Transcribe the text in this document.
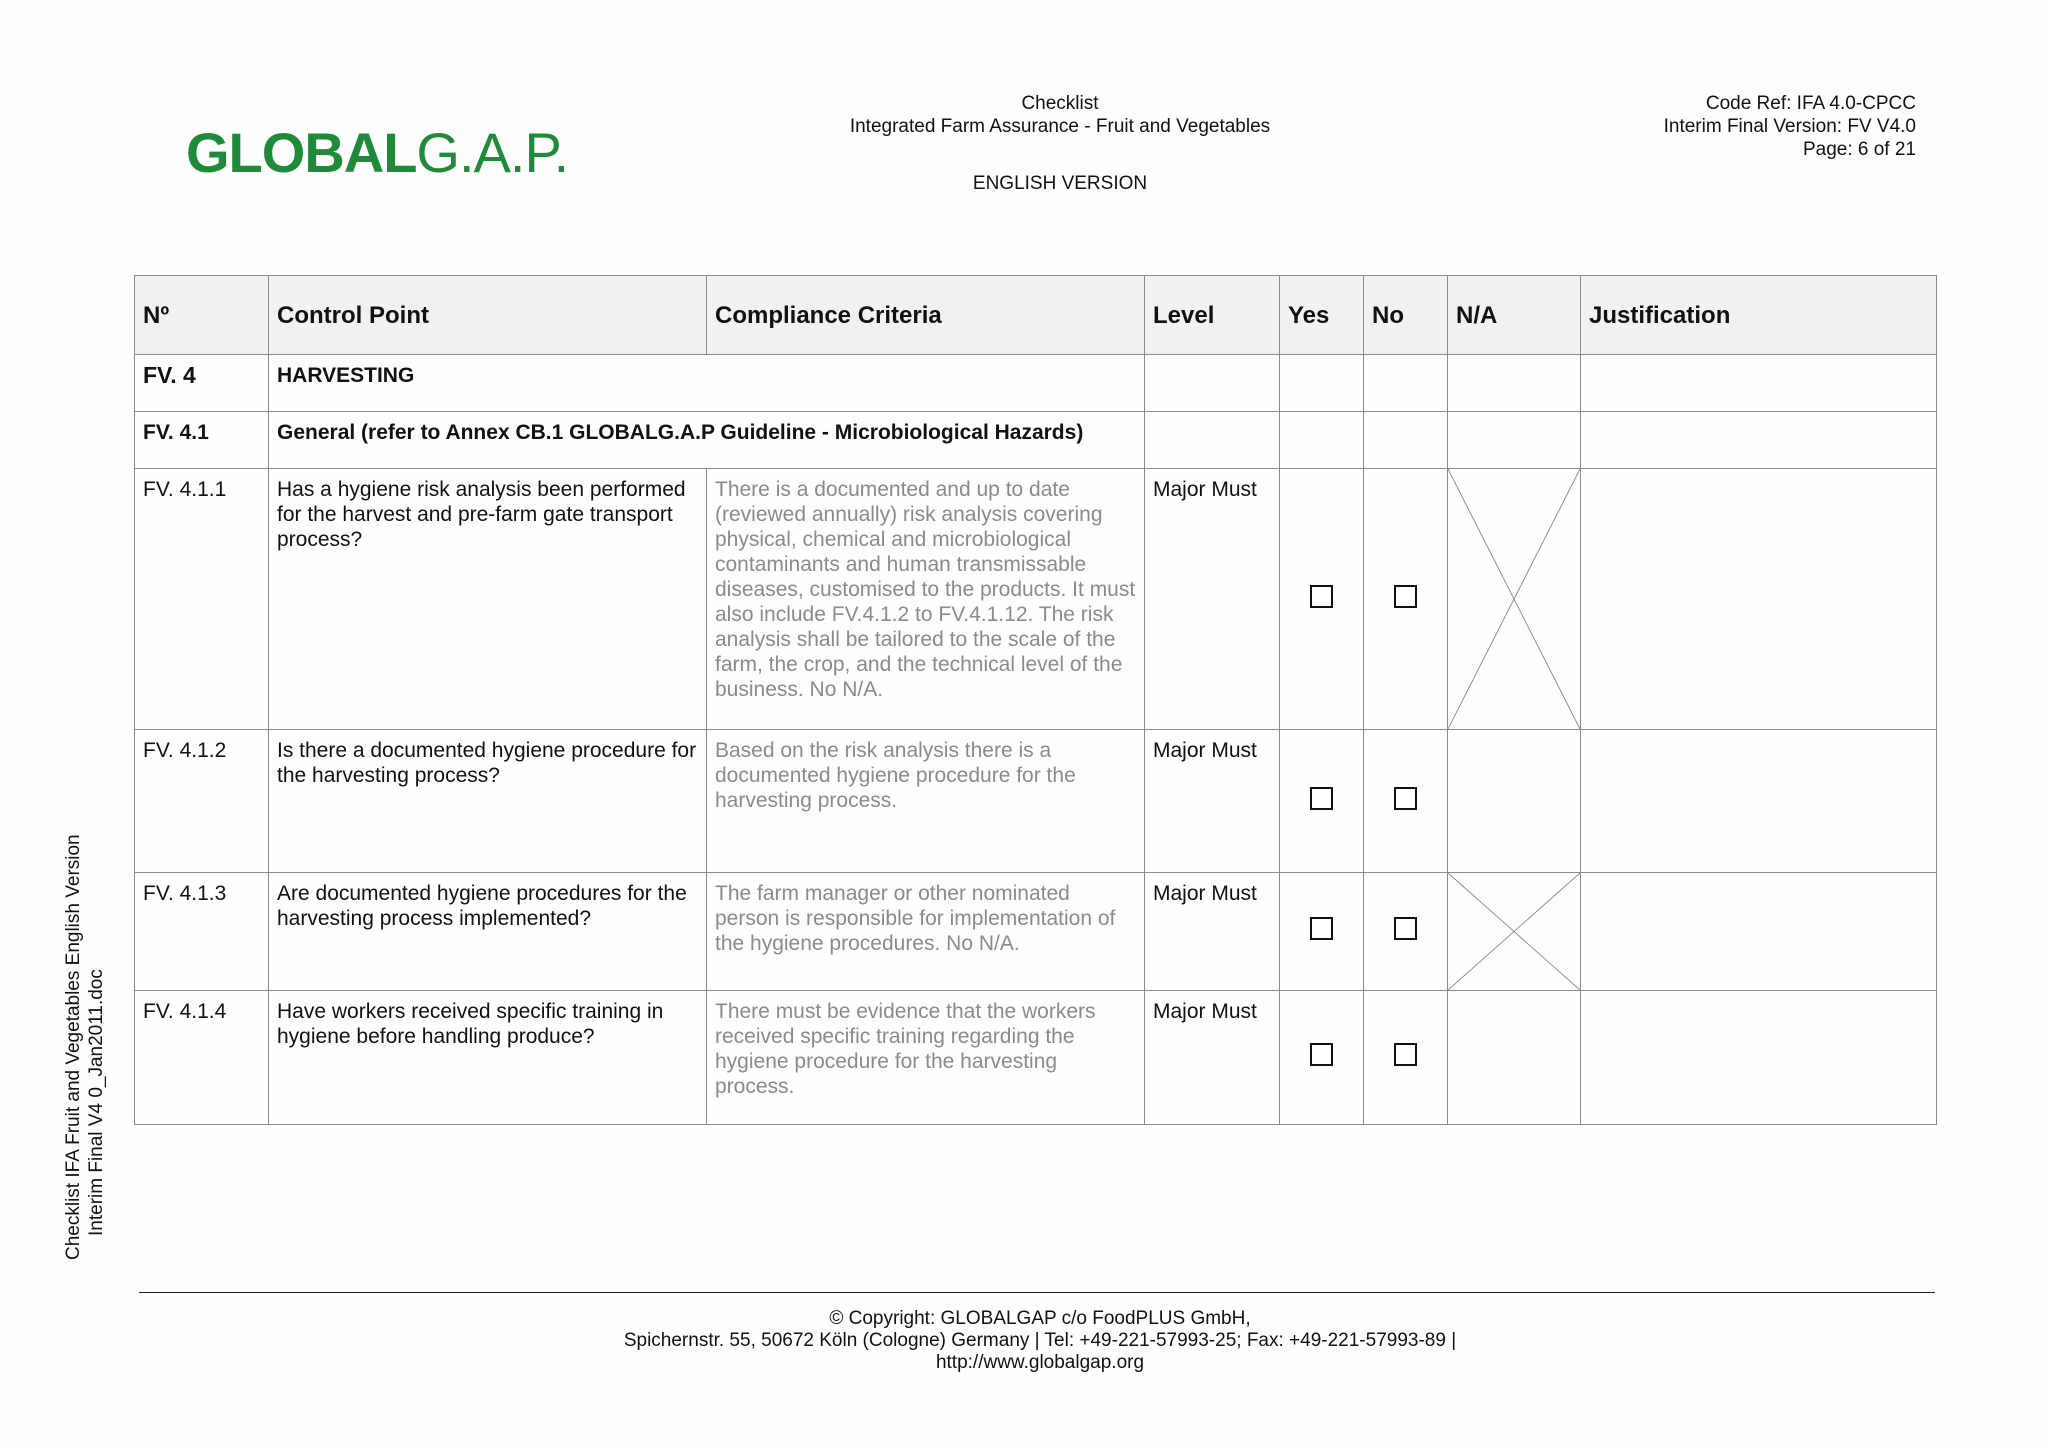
GLOBALG.A.P.
Checklist
Integrated Farm Assurance - Fruit and Vegetables
ENGLISH VERSION
Code Ref: IFA 4.0-CPCC
Interim Final Version: FV V4.0
Page: 6 of 21
Checklist IFA Fruit and Vegetables English Version Interim Final V4 0_Jan2011.doc
Nº	Control Point	Compliance Criteria	Level	Yes	No	N/A	Justification
FV. 4	HARVESTING						
FV. 4.1	General (refer to Annex CB.1 GLOBALG.A.P Guideline - Microbiological Hazards)						
FV. 4.1.1	Has a hygiene risk analysis been performed for the harvest and pre-farm gate transport process?	There is a documented and up to date (reviewed annually) risk analysis covering physical, chemical and microbiological contaminants and human transmissable diseases, customised to the products. It must also include FV.4.1.2 to FV.4.1.12. The risk analysis shall be tailored to the scale of the farm, the crop, and the technical level of the business. No N/A.	Major Must			

FV. 4.1.2	Is there a documented hygiene procedure for the harvesting process?	Based on the risk analysis there is a documented hygiene procedure for the harvesting process.	Major Must				
FV. 4.1.3	Are documented hygiene procedures for the harvesting process implemented?	The farm manager or other nominated person is responsible for implementation of the hygiene procedures. No N/A.	Major Must			

FV. 4.1.4	Have workers received specific training in hygiene before handling produce?	There must be evidence that the workers received specific training regarding the hygiene procedure for the harvesting process.	Major Must				
© Copyright: GLOBALGAP c/o FoodPLUS GmbH,
Spichernstr. 55, 50672 Köln (Cologne) Germany | Tel: +49-221-57993-25; Fax: +49-221-57993-89 |
http://www.globalgap.org
